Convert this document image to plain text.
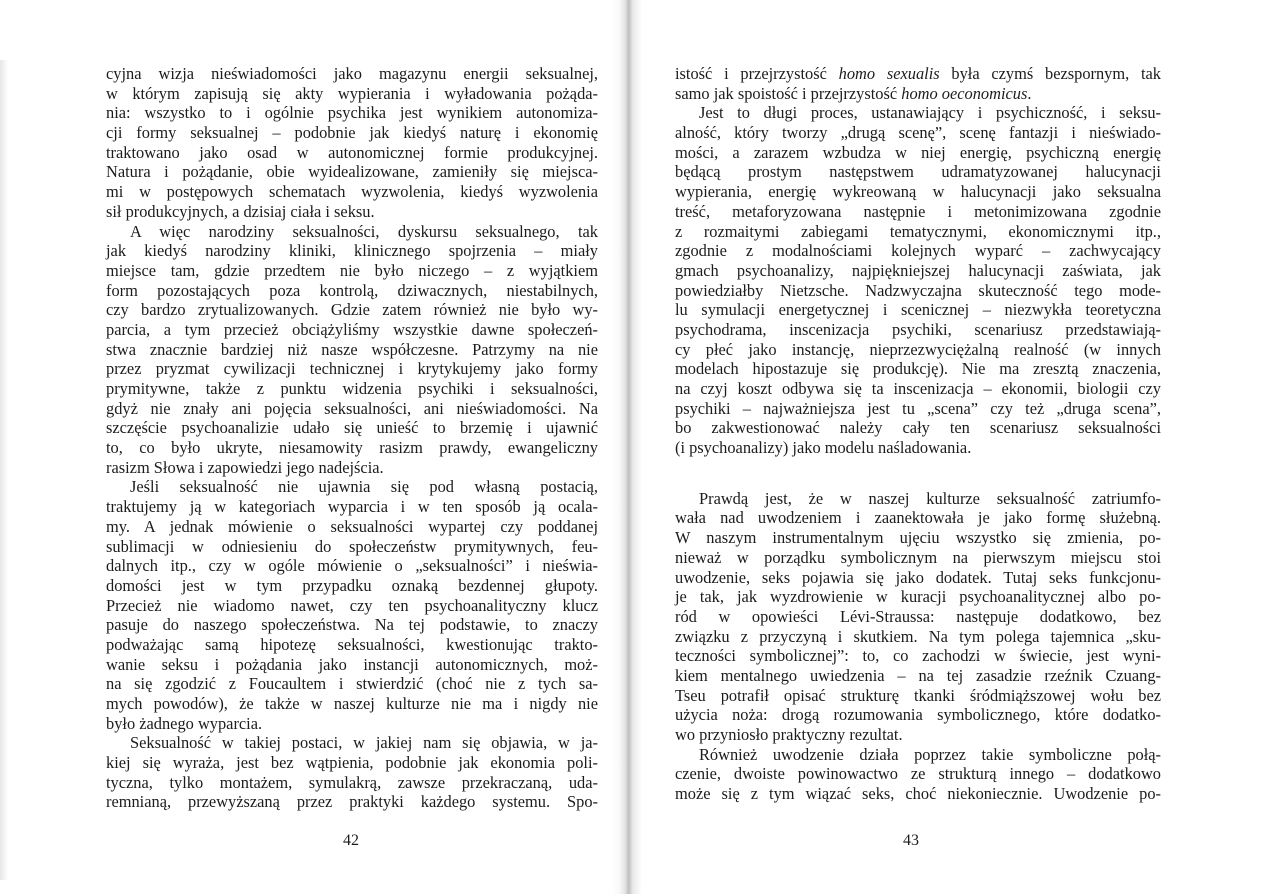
cyjna wizja nieświadomości jako magazynu energii seksualnej,
w którym zapisują się akty wypierania i wyładowania pożąda-
nia: wszystko to i ogólnie psychika jest wynikiem autonomiza-
cji formy seksualnej – podobnie jak kiedyś naturę i ekonomię
traktowano jako osad w autonomicznej formie produkcyjnej.
Natura i pożądanie, obie wyidealizowane, zamieniły się miejsca-
mi w postępowych schematach wyzwolenia, kiedyś wyzwolenia
sił produkcyjnych, a dzisiaj ciała i seksu.
A więc narodziny seksualności, dyskursu seksualnego, tak
jak kiedyś narodziny kliniki, klinicznego spojrzenia – miały
miejsce tam, gdzie przedtem nie było niczego – z wyjątkiem
form pozostających poza kontrolą, dziwacznych, niestabilnych,
czy bardzo zrytualizowanych. Gdzie zatem również nie było wy-
parcia, a tym przecież obciążyliśmy wszystkie dawne społeczeń-
stwa znacznie bardziej niż nasze współczesne. Patrzymy na nie
przez pryzmat cywilizacji technicznej i krytykujemy jako formy
prymitywne, także z punktu widzenia psychiki i seksualności,
gdyż nie znały ani pojęcia seksualności, ani nieświadomości. Na
szczęście psychoanalizie udało się unieść to brzemię i ujawnić
to, co było ukryte, niesamowity rasizm prawdy, ewangeliczny
rasizm Słowa i zapowiedzi jego nadejścia.
Jeśli seksualność nie ujawnia się pod własną postacią,
traktujemy ją w kategoriach wyparcia i w ten sposób ją ocala-
my. A jednak mówienie o seksualności wypartej czy poddanej
sublimacji w odniesieniu do społeczeństw prymitywnych, feu-
dalnych itp., czy w ogóle mówienie o „seksualności” i nieświa-
domości jest w tym przypadku oznaką bezdennej głupoty.
Przecież nie wiadomo nawet, czy ten psychoanalityczny klucz
pasuje do naszego społeczeństwa. Na tej podstawie, to znaczy
podważając samą hipotezę seksualności, kwestionując trakto-
wanie seksu i pożądania jako instancji autonomicznych, moż-
na się zgodzić z Foucaultem i stwierdzić (choć nie z tych sa-
mych powodów), że także w naszej kulturze nie ma i nigdy nie
było żadnego wyparcia.
Seksualność w takiej postaci, w jakiej nam się objawia, w ja-
kiej się wyraża, jest bez wątpienia, podobnie jak ekonomia poli-
tyczna, tylko montażem, symulakrą, zawsze przekraczaną, uda-
remnianą, przewyższaną przez praktyki każdego systemu. Spo-
istość i przejrzystość homo sexualis była czymś bezspornym, tak
samo jak spoistość i przejrzystość homo oeconomicus.
Jest to długi proces, ustanawiający i psychiczność, i seksu-
alność, który tworzy „drugą scenę”, scenę fantazji i nieświado-
mości, a zarazem wzbudza w niej energię, psychiczną energię
będącą prostym następstwem udramatyzowanej halucynacji
wypierania, energię wykreowaną w halucynacji jako seksualna
treść, metaforyzowana następnie i metonimizowana zgodnie
z rozmaitymi zabiegami tematycznymi, ekonomicznymi itp.,
zgodnie z modalnościami kolejnych wyparć – zachwycający
gmach psychoanalizy, najpiękniejszej halucynacji zaświata, jak
powiedziałby Nietzsche. Nadzwyczajna skuteczność tego mode-
lu symulacji energetycznej i scenicznej – niezwykła teoretyczna
psychodrama, inscenizacja psychiki, scenariusz przedstawiają-
cy płeć jako instancję, nieprzezwyciężalną realność (w innych
modelach hipostazuje się produkcję). Nie ma zresztą znaczenia,
na czyj koszt odbywa się ta inscenizacja – ekonomii, biologii czy
psychiki – najważniejsza jest tu „scena” czy też „druga scena”,
bo zakwestionować należy cały ten scenariusz seksualności
(i psychoanalizy) jako modelu naśladowania.
Prawdą jest, że w naszej kulturze seksualność zatriumfo-
wała nad uwodzeniem i zaanektowała je jako formę służebną.
W naszym instrumentalnym ujęciu wszystko się zmienia, po-
nieważ w porządku symbolicznym na pierwszym miejscu stoi
uwodzenie, seks pojawia się jako dodatek. Tutaj seks funkcjonu-
je tak, jak wyzdrowienie w kuracji psychoanalitycznej albo po-
ród w opowieści Lévi-Straussa: następuje dodatkowo, bez
związku z przyczyną i skutkiem. Na tym polega tajemnica „sku-
teczności symbolicznej”: to, co zachodzi w świecie, jest wyni-
kiem mentalnego uwiedzenia – na tej zasadzie rzeźnik Czuang-
Tseu potrafił opisać strukturę tkanki śródmiąższowej wołu bez
użycia noża: drogą rozumowania symbolicznego, które dodatko-
wo przyniosło praktyczny rezultat.
Również uwodzenie działa poprzez takie symboliczne połą-
czenie, dwoiste powinowactwo ze strukturą innego – dodatkowo
może się z tym wiązać seks, choć niekoniecznie. Uwodzenie po-
42	43
